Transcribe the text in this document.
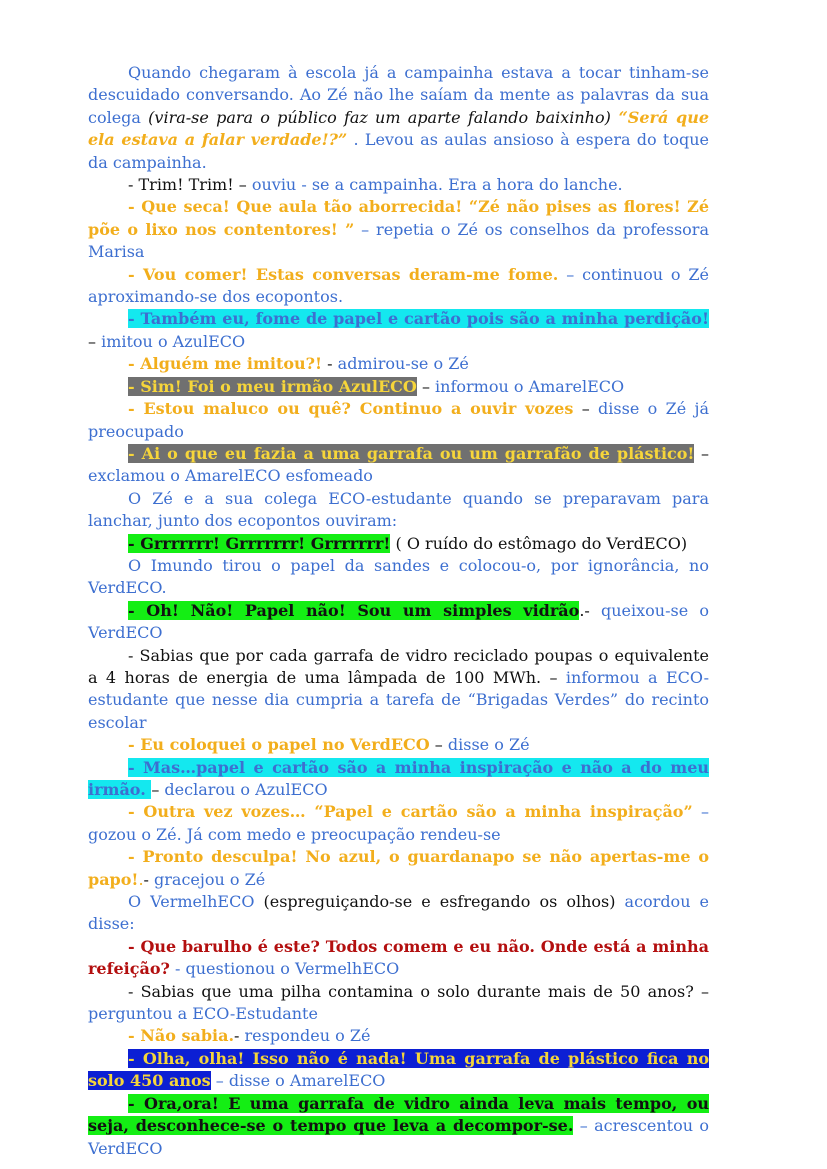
Quando chegaram à escola já a campainha estava a tocar tinham-se descuidado conversando. Ao Zé não lhe saíam da mente as palavras da sua colega (vira-se para o público faz um aparte falando baixinho) “Será que ela estava a falar verdade!?” . Levou as aulas ansioso à espera do toque da campainha.

- Trim! Trim! – ouviu - se a campainha. Era a hora do lanche.

- Que seca! Que aula tão aborrecida! “Zé não pises as flores! Zé põe o lixo nos contentores! ” – repetia o Zé os conselhos da professora Marisa

- Vou comer! Estas conversas deram-me fome. – continuou o Zé aproximando-se dos ecopontos.

- Também eu, fome de papel e cartão pois são a minha perdição! – imitou o AzulECO

- Alguém me imitou?! - admirou-se o Zé

- Sim! Foi o meu irmão AzulECO – informou o AmarelECO

- Estou maluco ou quê? Continuo a ouvir vozes – disse o Zé já preocupado

- Ai o que eu fazia a uma garrafa ou um garrafão de plástico! – exclamou o AmarelECO esfomeado

O Zé e a sua colega ECO-estudante quando se preparavam para lanchar, junto dos ecopontos ouviram:

- Grrrrrrr! Grrrrrrr! Grrrrrrr! ( O ruído do estômago do VerdECO)

O Imundo tirou o papel da sandes e colocou-o, por ignorância, no VerdECO.

- Oh! Não! Papel não! Sou um simples vidrão.- queixou-se o VerdECO

- Sabias que por cada garrafa de vidro reciclado poupas o equivalente a 4 horas de energia de uma lâmpada de 100 MWh. – informou a ECO-estudante que nesse dia cumpria a tarefa de “Brigadas Verdes” do recinto escolar

- Eu coloquei o papel no VerdECO – disse o Zé

- Mas…papel e cartão são a minha inspiração e não a do meu irmão. – declarou o AzulECO

- Outra vez vozes… “Papel e cartão são a minha inspiração” – gozou o Zé. Já com medo e preocupação rendeu-se

- Pronto desculpa! No azul, o guardanapo se não apertas-me o papo!.- gracejou o Zé

O VermelhECO (espreguiçando-se e esfregando os olhos) acordou e disse:

- Que barulho é este? Todos comem e eu não. Onde está a minha refeição? - questionou o VermelhECO

- Sabias que uma pilha contamina o solo durante mais de 50 anos? – perguntou a ECO-Estudante

- Não sabia.- respondeu o Zé

- Olha, olha! Isso não é nada! Uma garrafa de plástico fica no solo 450 anos – disse o AmarelECO

- Ora,ora! E uma garrafa de vidro ainda leva mais tempo, ou seja, desconhece-se o tempo que leva a decompor-se. – acrescentou o VerdECO
